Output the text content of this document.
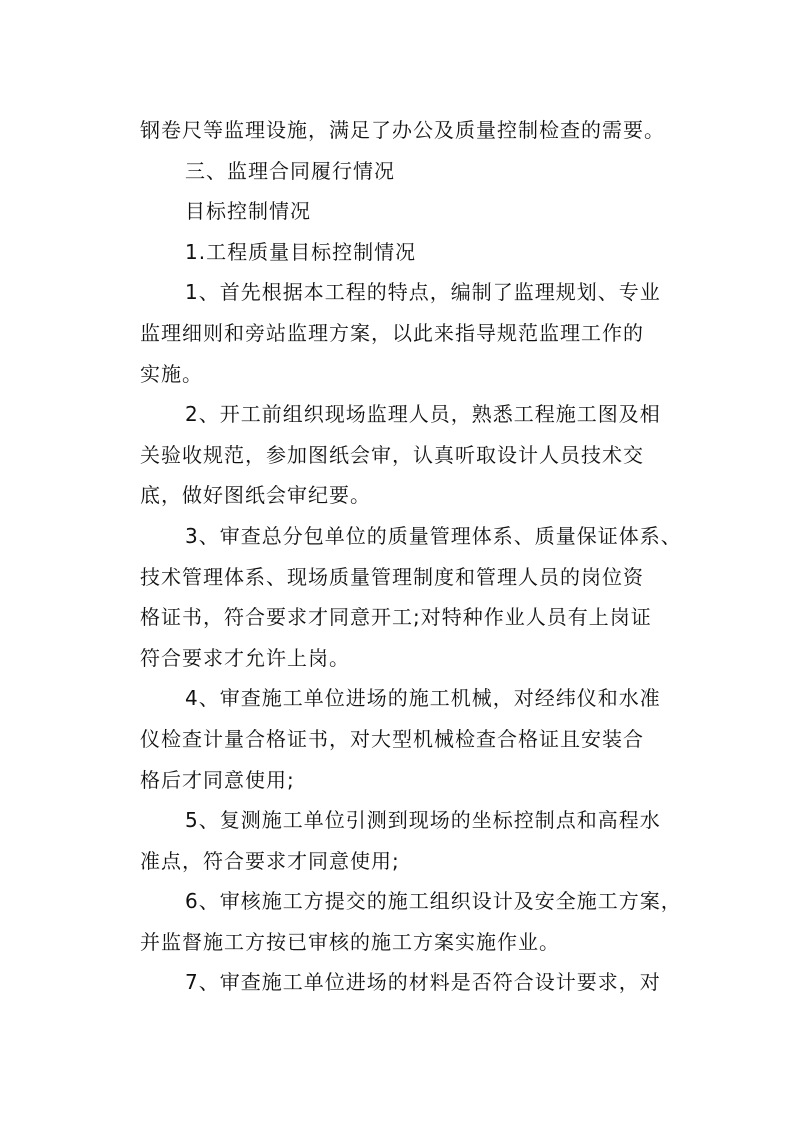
钢卷尺等监理设施，满足了办公及质量控制检查的需要。
三、监理合同履行情况
目标控制情况
1.工程质量目标控制情况
1、首先根据本工程的特点，编制了监理规划、专业
监理细则和旁站监理方案，以此来指导规范监理工作的
实施。
2、开工前组织现场监理人员，熟悉工程施工图及相
关验收规范，参加图纸会审，认真听取设计人员技术交
底，做好图纸会审纪要。
3、审查总分包单位的质量管理体系、质量保证体系、
技术管理体系、现场质量管理制度和管理人员的岗位资
格证书，符合要求才同意开工;对特种作业人员有上岗证
符合要求才允许上岗。
4、审查施工单位进场的施工机械，对经纬仪和水准
仪检查计量合格证书，对大型机械检查合格证且安装合
格后才同意使用;
5、复测施工单位引测到现场的坐标控制点和高程水
准点，符合要求才同意使用;
6、审核施工方提交的施工组织设计及安全施工方案，
并监督施工方按已审核的施工方案实施作业。
7、审查施工单位进场的材料是否符合设计要求，对
